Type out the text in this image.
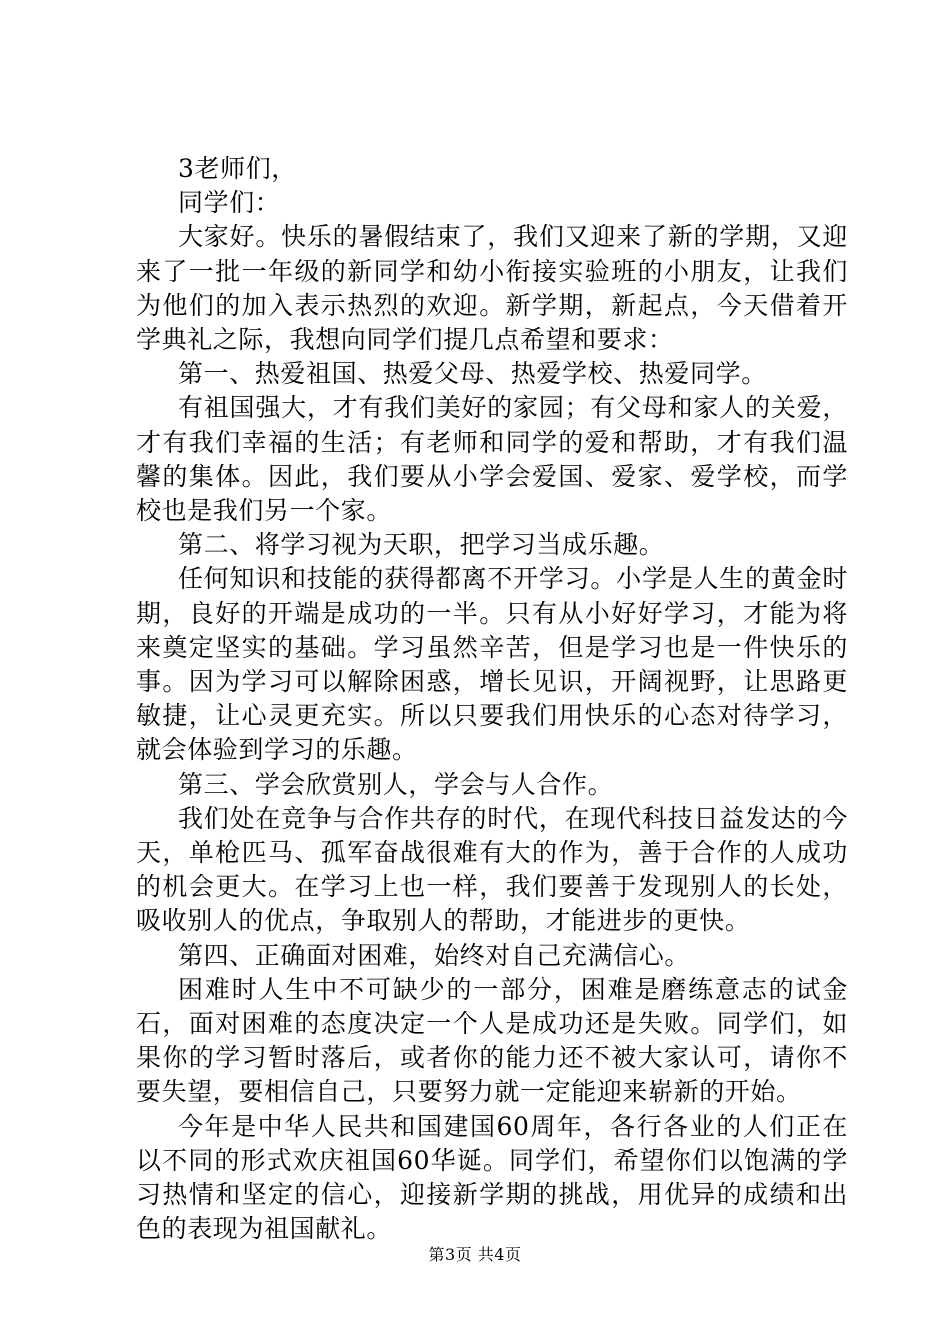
3老师们，

同学们：

大家好。快乐的暑假结束了，我们又迎来了新的学期，又迎来了一批一年级的新同学和幼小衔接实验班的小朋友，让我们为他们的加入表示热烈的欢迎。新学期，新起点，今天借着开学典礼之际，我想向同学们提几点希望和要求：

第一、热爱祖国、热爱父母、热爱学校、热爱同学。

有祖国强大，才有我们美好的家园；有父母和家人的关爱，才有我们幸福的生活；有老师和同学的爱和帮助，才有我们温馨的集体。因此，我们要从小学会爱国、爱家、爱学校，而学校也是我们另一个家。

第二、将学习视为天职，把学习当成乐趣。

任何知识和技能的获得都离不开学习。小学是人生的黄金时期，良好的开端是成功的一半。只有从小好好学习，才能为将来奠定坚实的基础。学习虽然辛苦，但是学习也是一件快乐的事。因为学习可以解除困惑，增长见识，开阔视野，让思路更敏捷，让心灵更充实。所以只要我们用快乐的心态对待学习，就会体验到学习的乐趣。

第三、学会欣赏别人，学会与人合作。

我们处在竞争与合作共存的时代，在现代科技日益发达的今天，单枪匹马、孤军奋战很难有大的作为，善于合作的人成功的机会更大。在学习上也一样，我们要善于发现别人的长处，吸收别人的优点，争取别人的帮助，才能进步的更快。

第四、正确面对困难，始终对自己充满信心。

困难时人生中不可缺少的一部分，困难是磨练意志的试金石，面对困难的态度决定一个人是成功还是失败。同学们，如果你的学习暂时落后，或者你的能力还不被大家认可，请你不要失望，要相信自己，只要努力就一定能迎来崭新的开始。

今年是中华人民共和国建国60周年，各行各业的人们正在以不同的形式欢庆祖国60华诞。同学们，希望你们以饱满的学习热情和坚定的信心，迎接新学期的挑战，用优异的成绩和出色的表现为祖国献礼。

第3页 共4页
